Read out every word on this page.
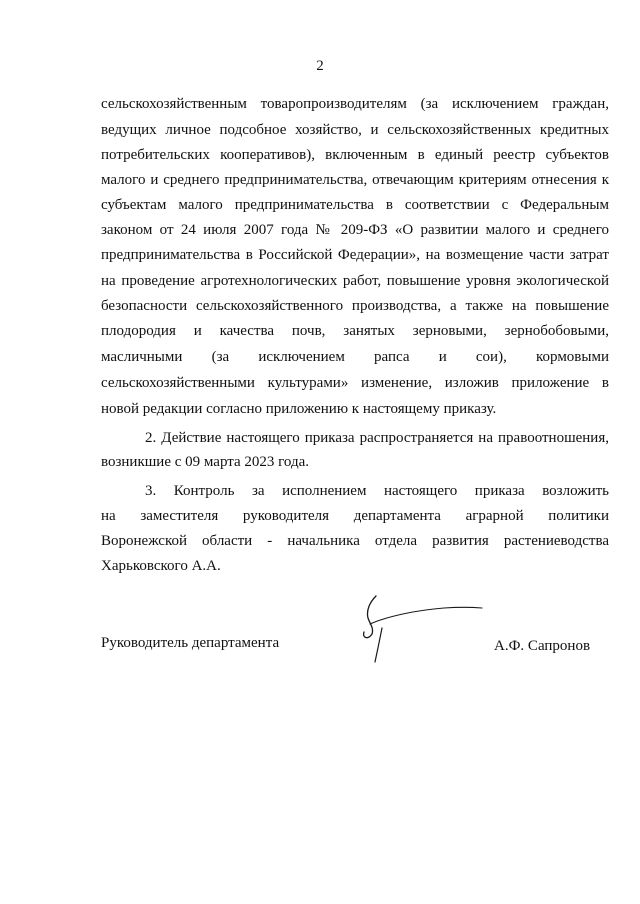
2
сельскохозяйственным товаропроизводителям (за исключением граждан,
ведущих личное подсобное хозяйство, и сельскохозяйственных кредитных
потребительских кооперативов), включенным в единый реестр субъектов
малого и среднего предпринимательства, отвечающим критериям отнесения к
субъектам малого предпринимательства в соответствии с Федеральным
законом от 24 июля 2007 года № 209-ФЗ «О развитии малого и среднего
предпринимательства в Российской Федерации», на возмещение части затрат
на проведение агротехнологических работ, повышение уровня экологической
безопасности сельскохозяйственного производства, а также на повышение
плодородия и качества почв, занятых зерновыми, зернобобовыми,
масличными (за исключением рапса и сои), кормовыми
сельскохозяйственными культурами» изменение, изложив приложение в
новой редакции согласно приложению к настоящему приказу.
2. Действие настоящего приказа распространяется на правоотношения,
возникшие с 09 марта 2023 года.
3. Контроль за исполнением настоящего приказа возложить
на заместителя руководителя департамента аграрной политики
Воронежской области - начальника отдела развития растениеводства
Харьковского А.А.
Руководитель департамента	А.Ф. Сапронов
